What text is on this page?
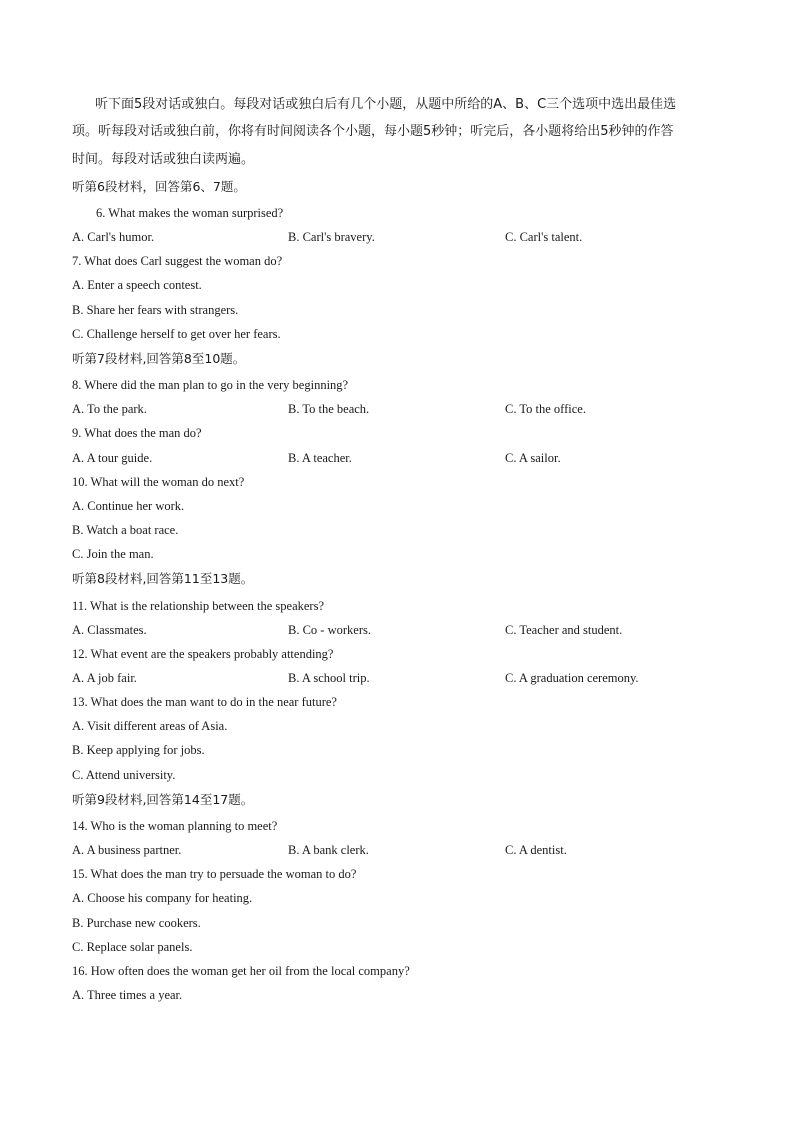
听下面5段对话或独白。每段对话或独白后有几个小题，从题中所给的A、B、C三个选项中选出最佳选
项。听每段对话或独白前，你将有时间阅读各个小题，每小题5秒钟；听完后，各小题将给出5秒钟的作答
时间。每段对话或独白读两遍。
听第6段材料，回答第6、7题。
6. What makes the woman surprised?
A. Carl's humor.	B. Carl's bravery.	C. Carl's talent.
7. What does Carl suggest the woman do?
A. Enter a speech contest.
B. Share her fears with strangers.
C. Challenge herself to get over her fears.
听第7段材料,回答第8至10题。
8. Where did the man plan to go in the very beginning?
A. To the park.	B. To the beach.	C. To the office.
9. What does the man do?
A. A tour guide.	B. A teacher.	C. A sailor.
10. What will the woman do next?
A. Continue her work.
B. Watch a boat race.
C. Join the man.
听第8段材料,回答第11至13题。
11. What is the relationship between the speakers?
A. Classmates.	B. Co - workers.	C. Teacher and student.
12. What event are the speakers probably attending?
A. A job fair.	B. A school trip.	C. A graduation ceremony.
13. What does the man want to do in the near future?
A. Visit different areas of Asia.
B. Keep applying for jobs.
C. Attend university.
听第9段材料,回答第14至17题。
14. Who is the woman planning to meet?
A. A business partner.	B. A bank clerk.	C. A dentist.
15. What does the man try to persuade the woman to do?
A. Choose his company for heating.
B. Purchase new cookers.
C. Replace solar panels.
16. How often does the woman get her oil from the local company?
A. Three times a year.
